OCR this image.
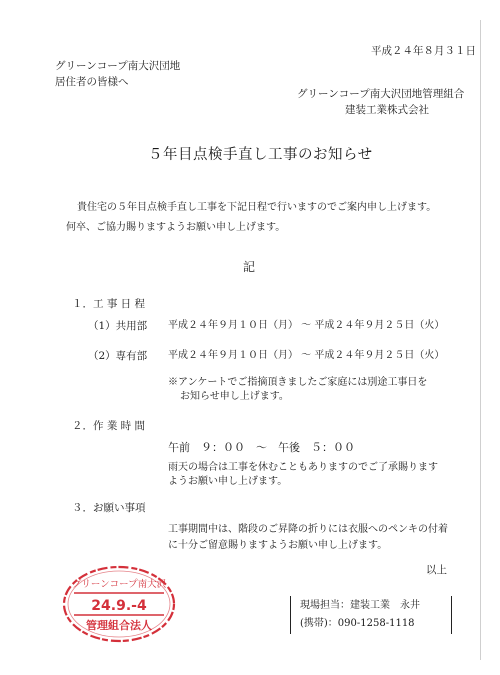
平成２４年８月３１日
グリーンコープ南大沢団地
居住者の皆様へ
グリーンコープ南大沢団地管理組合
建装工業株式会社
５年目点検手直し工事のお知らせ
貴住宅の５年目点検手直し工事を下記日程で行いますのでご案内申し上げます。
何卒、ご協力賜りますようお願い申し上げます。
記
１．工 事 日 程
（1）共用部 平成２４年９月１０日（月） ～ 平成２４年９月２５日（火）
（2）専有部 平成２４年９月１０日（月） ～ 平成２４年９月２５日（火）
※アンケートでご指摘頂きましたご家庭には別途工事日を
お知らせ申し上げます。
２．作 業 時 間
午前　９：００　～　午後　５：００
雨天の場合は工事を休むこともありますのでご了承賜ります
ようお願い申し上げます。
３．お願い事項
工事期間中は、階段のご昇降の折りには衣服へのペンキの付着
に十分ご留意賜りますようお願い申し上げます。
以上
グリーンコープ南大沢
24.9.-4
管理組合法人
現場担当：建装工業　永井
(携帯)：090-1258-1118
